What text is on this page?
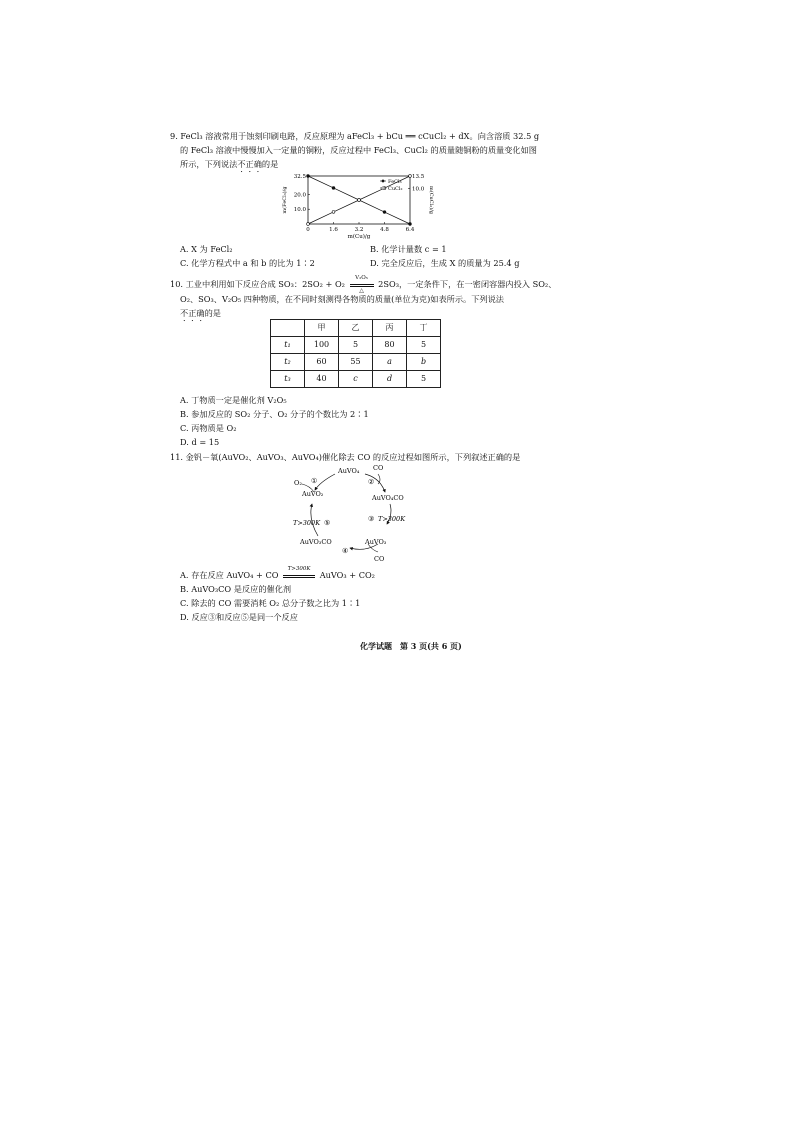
9. FeCl₃ 溶液常用于蚀刻印刷电路，反应原理为 aFeCl₃ + bCu ══ cCuCl₂ + dX。向含溶质 32.5 g
的 FeCl₃ 溶液中慢慢加入一定量的铜粉，反应过程中 FeCl₃、CuCl₂ 的质量随铜粉的质量变化如图
所示，下列说法不正确的是
0	1.6	3.2	4.8	6.4
m(Cu)/g
32.5
20.0
10.0
m(FeCl₃)/g
13.5
10.0 m(CuCl₂)/g
FeCl₃
CuCl₂
A. X 为 FeCl₂	B. 化学计量数 c = 1
C. 化学方程式中 a 和 b 的比为 1∶2	D. 完全反应后，生成 X 的质量为 25.4 g
10. 工业中利用如下反应合成 SO₃：2SO₂ + O₂
V₂O₅
△
2SO₃，一定条件下，在一密闭容器内投入 SO₂、
O₂、SO₃、V₂O₅ 四种物质，在不同时刻测得各物质的质量(单位为克)如表所示。下列说法
不正确的是
	甲	乙	丙	丁
t₁	100	5	80	5
t₂	60	55	a	b
t₃	40	c	d	5
A. 丁物质一定是催化剂 V₂O₅
B. 参加反应的 SO₂ 分子、O₂ 分子的个数比为 2∶1
C. 丙物质是 O₂
D. d = 15
11. 金钒－氧(AuVO₂、AuVO₃、AuVO₄)催化除去 CO 的反应过程如图所示，下列叙述正确的是
AuVO₄ CO
②
AuVO₄CO
O₂ ①
AuVO₂
③ T>300K
T>300K ⑤
AuVO₃
AuVO₃CO
④
CO
A. 存在反应 AuVO₄ + CO
T>300K
AuVO₃ + CO₂
B. AuVO₃CO 是反应的催化剂
C. 除去的 CO 需要消耗 O₂ 总分子数之比为 1∶1
D. 反应③和反应⑤是同一个反应
化学试题　第 3 页(共 6 页)
